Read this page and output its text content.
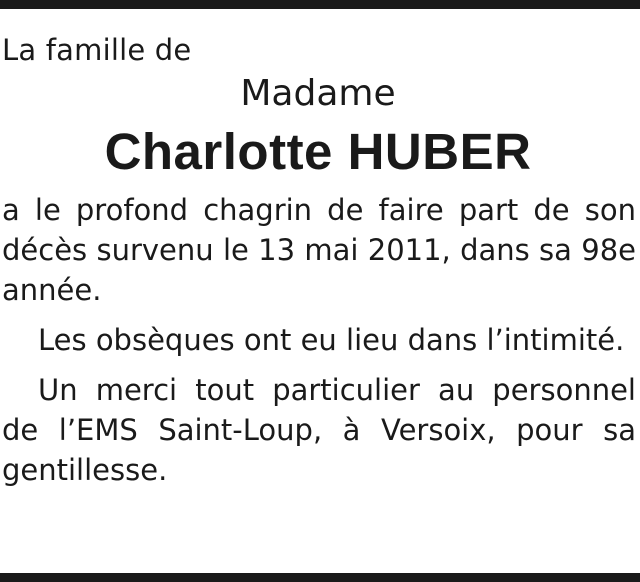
La famille de

Madame
Charlotte HUBER

a le profond chagrin de faire part de son décès survenu le 13 mai 2011, dans sa 98e année.

Les obsèques ont eu lieu dans l’intimité.

Un merci tout particulier au personnel de l’EMS Saint-Loup, à Versoix, pour sa gentillesse.
